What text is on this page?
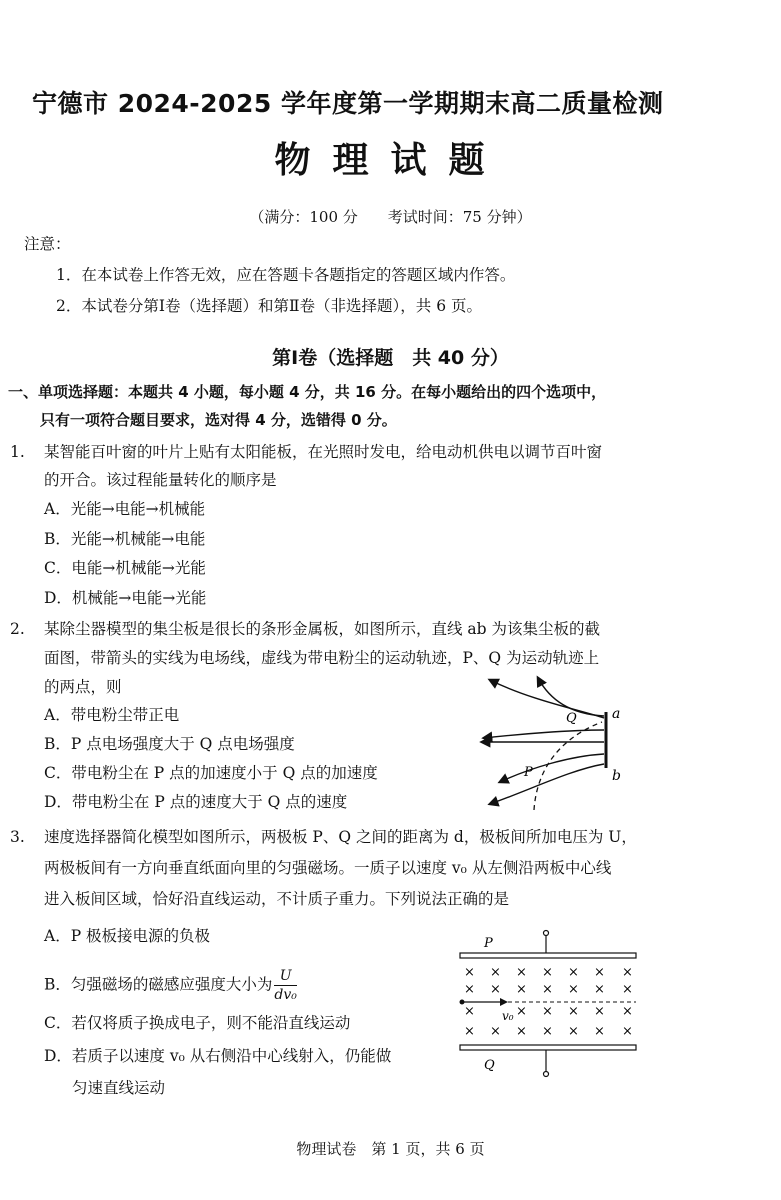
宁德市 2024-2025 学年度第一学期期末高二质量检测
物理试题
（满分：100 分　　考试时间：75 分钟）
注意：
1．在本试卷上作答无效，应在答题卡各题指定的答题区域内作答。
2．本试卷分第Ⅰ卷（选择题）和第Ⅱ卷（非选择题），共 6 页。
第Ⅰ卷（选择题　共 40 分）
一、单项选择题：本题共 4 小题，每小题 4 分，共 16 分。在每小题给出的四个选项中，
只有一项符合题目要求，选对得 4 分，选错得 0 分。
1. 某智能百叶窗的叶片上贴有太阳能板，在光照时发电，给电动机供电以调节百叶窗
的开合。该过程能量转化的顺序是
A．光能→电能→机械能
B．光能→机械能→电能
C．电能→机械能→光能
D．机械能→电能→光能
2. 某除尘器模型的集尘板是很长的条形金属板，如图所示，直线 ab 为该集尘板的截
面图，带箭头的实线为电场线，虚线为带电粉尘的运动轨迹，P、Q 为运动轨迹上
的两点，则
A．带电粉尘带正电
B．P 点电场强度大于 Q 点电场强度
C．带电粉尘在 P 点的加速度小于 Q 点的加速度
D．带电粉尘在 P 点的速度大于 Q 点的速度
a
b
Q
P
3. 速度选择器简化模型如图所示，两极板 P、Q 之间的距离为 d，极板间所加电压为 U，
两极板间有一方向垂直纸面向里的匀强磁场。一质子以速度 v₀ 从左侧沿两板中心线
进入板间区域，恰好沿直线运动，不计质子重力。下列说法正确的是
A．P 极板接电源的负极
B．匀强磁场的磁感应强度大小为 $\frac{U}{\text{dv₀}}$
C．若仅将质子换成电子，则不能沿直线运动
D．若质子以速度 v₀ 从右侧沿中心线射入，仍能做
匀速直线运动
× × × × × × ×
× × × × × × ×
×	× × × × ×
× × × × × × ×
v₀
P
Q
物理试卷　第 1 页，共 6 页
